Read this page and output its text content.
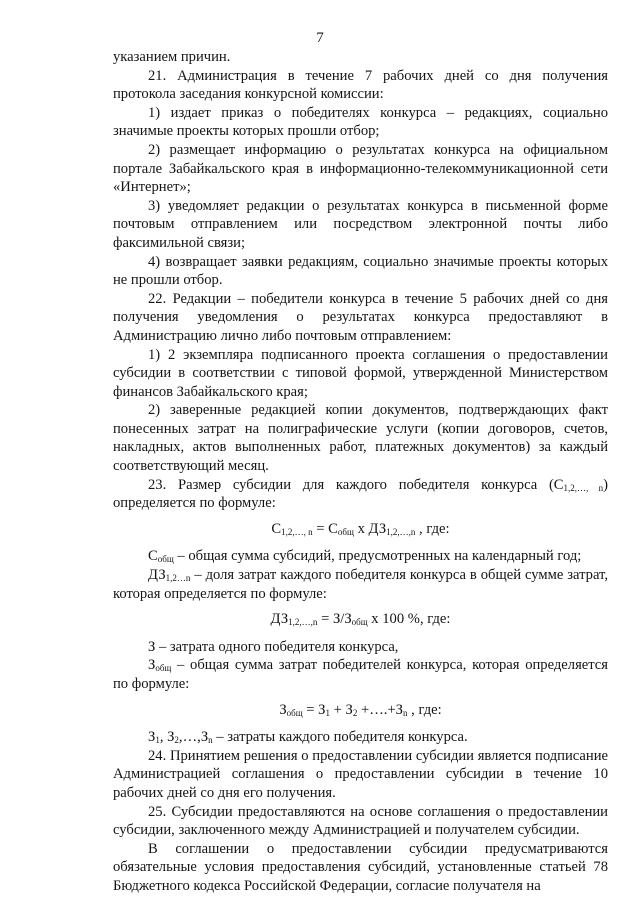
7

указанием причин.

21. Администрация в течение 7 рабочих дней со дня получения протокола заседания конкурсной комиссии:

1) издает приказ о победителях конкурса – редакциях, социально значимые проекты которых прошли отбор;

2) размещает информацию о результатах конкурса на официальном портале Забайкальского края в информационно-телекоммуникационной сети «Интернет»;

3) уведомляет редакции о результатах конкурса в письменной форме почтовым отправлением или посредством электронной почты либо факсимильной связи;

4) возвращает заявки редакциям, социально значимые проекты которых не прошли отбор.

22. Редакции – победители конкурса в течение 5 рабочих дней со дня получения уведомления о результатах конкурса предоставляют в Администрацию лично либо почтовым отправлением:

1) 2 экземпляра подписанного проекта соглашения о предоставлении субсидии в соответствии с типовой формой, утвержденной Министерством финансов Забайкальского края;

2) заверенные редакцией копии документов, подтверждающих факт понесенных затрат на полиграфические услуги (копии договоров, счетов, накладных, актов выполненных работ, платежных документов) за каждый соответствующий месяц.

23. Размер субсидии для каждого победителя конкурса $(С_{1,2,\dots, n})$ определяется по формуле:

$С_{1,2,\dots, n} = С_{общ}$ х $ДЗ_{1,2,\dots,n}$ , где:

$С_{общ}$ – общая сумма субсидий, предусмотренных на календарный год;

$ДЗ_{1,2\dots n}$ – доля затрат каждого победителя конкурса в общей сумме затрат, которая определяется по формуле:

$ДЗ_{1,2,\dots,n} = З/З_{общ}$ х 100 %, где:

З – затрата одного победителя конкурса,

$З_{общ}$ – общая сумма затрат победителей конкурса, которая определяется по формуле:

$З_{общ} = З_1 + З_2$ $+\dots.+З_n$ , где:

$З_1$, $З_2,\dots,З_n$ – затраты каждого победителя конкурса.

24. Принятием решения о предоставлении субсидии является подписание Администрацией соглашения о предоставлении субсидии в течение 10 рабочих дней со дня его получения.

25. Субсидии предоставляются на основе соглашения о предоставлении субсидии, заключенного между Администрацией и получателем субсидии.

В соглашении о предоставлении субсидии предусматриваются обязательные условия предоставления субсидий, установленные статьей 78 Бюджетного кодекса Российской Федерации, согласие получателя на
